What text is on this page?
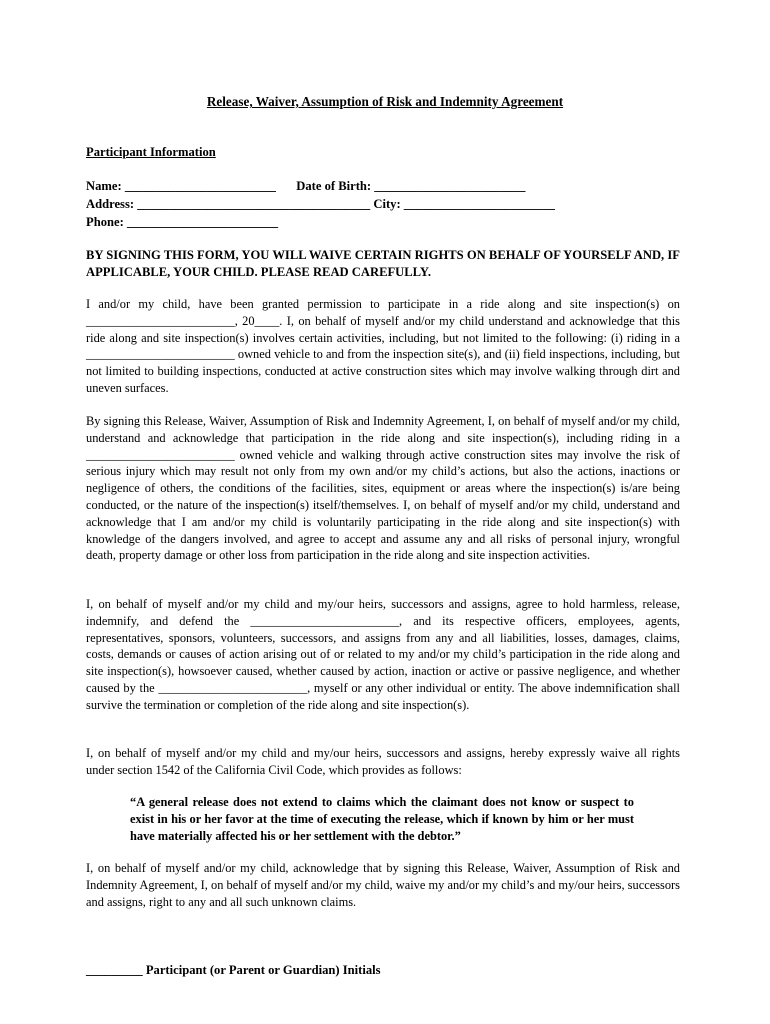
Release, Waiver, Assumption of Risk and Indemnity Agreement
Participant Information
Name: ________________________ Date of Birth: ________________________
Address: _____________________________________ City: ________________________
Phone: ________________________
BY SIGNING THIS FORM, YOU WILL WAIVE CERTAIN RIGHTS ON BEHALF OF YOURSELF AND, IF APPLICABLE, YOUR CHILD. PLEASE READ CAREFULLY.
I and/or my child, have been granted permission to participate in a ride along and site inspection(s) on ________________________, 20____. I, on behalf of myself and/or my child understand and acknowledge that this ride along and site inspection(s) involves certain activities, including, but not limited to the following: (i) riding in a ________________________ owned vehicle to and from the inspection site(s), and (ii) field inspections, including, but not limited to building inspections, conducted at active construction sites which may involve walking through dirt and uneven surfaces.
By signing this Release, Waiver, Assumption of Risk and Indemnity Agreement, I, on behalf of myself and/or my child, understand and acknowledge that participation in the ride along and site inspection(s), including riding in a ________________________ owned vehicle and walking through active construction sites may involve the risk of serious injury which may result not only from my own and/or my child’s actions, but also the actions, inactions or negligence of others, the conditions of the facilities, sites, equipment or areas where the inspection(s) is/are being conducted, or the nature of the inspection(s) itself/themselves. I, on behalf of myself and/or my child, understand and acknowledge that I am and/or my child is voluntarily participating in the ride along and site inspection(s) with knowledge of the dangers involved, and agree to accept and assume any and all risks of personal injury, wrongful death, property damage or other loss from participation in the ride along and site inspection activities.
I, on behalf of myself and/or my child and my/our heirs, successors and assigns, agree to hold harmless, release, indemnify, and defend the ________________________, and its respective officers, employees, agents, representatives, sponsors, volunteers, successors, and assigns from any and all liabilities, losses, damages, claims, costs, demands or causes of action arising out of or related to my and/or my child’s participation in the ride along and site inspection(s), howsoever caused, whether caused by action, inaction or active or passive negligence, and whether caused by the ________________________, myself or any other individual or entity. The above indemnification shall survive the termination or completion of the ride along and site inspection(s).
I, on behalf of myself and/or my child and my/our heirs, successors and assigns, hereby expressly waive all rights under section 1542 of the California Civil Code, which provides as follows:
“A general release does not extend to claims which the claimant does not know or suspect to exist in his or her favor at the time of executing the release, which if known by him or her must have materially affected his or her settlement with the debtor.”
I, on behalf of myself and/or my child, acknowledge that by signing this Release, Waiver, Assumption of Risk and Indemnity Agreement, I, on behalf of myself and/or my child, waive my and/or my child’s and my/our heirs, successors and assigns, right to any and all such unknown claims.
_________ Participant (or Parent or Guardian) Initials
